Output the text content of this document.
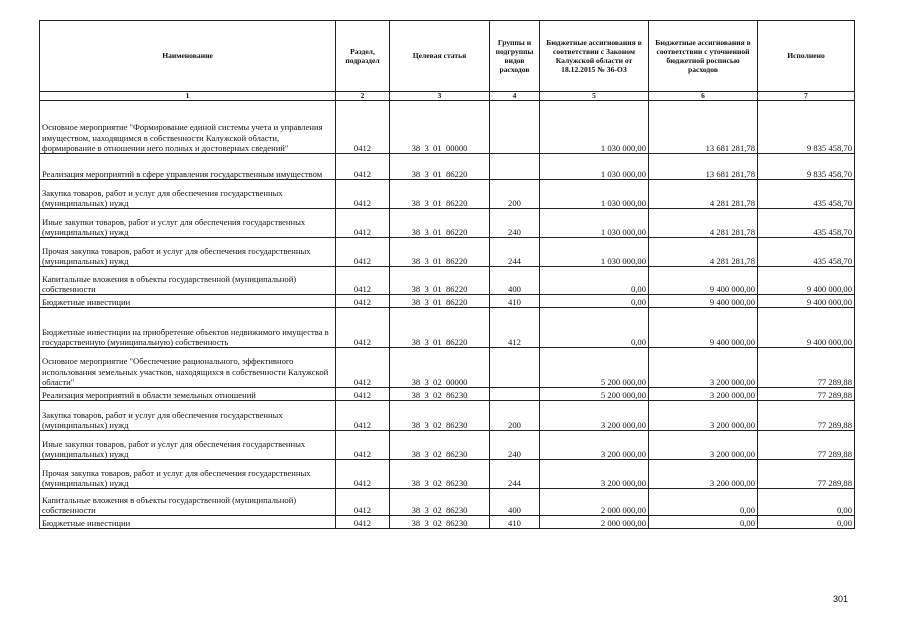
Наименование	Раздел, подраздел	Целевая статья	Группы и подгруппы видов расходов	Бюджетные ассигнования в соответствии с Законом Калужской области от 18.12.2015 № 36-ОЗ	Бюджетные ассигнования в соответствии с уточненной бюджетной росписью расходов	Исполнено
1	2	3	4	5	6	7
Основное мероприятие "Формирование единой системы учета и управления имуществом, находящимся в собственности Калужской области, формирование в отношении него полных и достоверных сведений"	0412	38  3  01  00000		1 030 000,00	13 681 281,78	9 835 458,70
Реализация мероприятий в сфере управления государственным имуществом	0412	38  3  01  86220		1 030 000,00	13 681 281,78	9 835 458,70
Закупка товаров, работ и услуг для обеспечения государственных (муниципальных) нужд	0412	38  3  01  86220	200	1 030 000,00	4 281 281,78	435 458,70
Иные закупки товаров, работ и услуг для обеспечения государственных (муниципальных) нужд	0412	38  3  01  86220	240	1 030 000,00	4 281 281,78	435 458,70
Прочая закупка товаров, работ и услуг для обеспечения государственных (муниципальных) нужд	0412	38  3  01  86220	244	1 030 000,00	4 281 281,78	435 458,70
Капитальные вложения в объекты государственной (муниципальной) собственности	0412	38  3  01  86220	400	0,00	9 400 000,00	9 400 000,00
Бюджетные инвестиции	0412	38  3  01  86220	410	0,00	9 400 000,00	9 400 000,00
Бюджетные инвестиции на приобретение объектов недвижимого имущества в государственную (муниципальную) собственность	0412	38  3  01  86220	412	0,00	9 400 000,00	9 400 000,00
Основное мероприятие "Обеспечение рационального, эффективного использования земельных участков, находящихся в собственности Калужской области"	0412	38  3  02  00000		5 200 000,00	3 200 000,00	77 289,88
Реализация мероприятий в области земельных отношений	0412	38  3  02  86230		5 200 000,00	3 200 000,00	77 289,88
Закупка товаров, работ и услуг для обеспечения государственных (муниципальных) нужд	0412	38  3  02  86230	200	3 200 000,00	3 200 000,00	77 289,88
Иные закупки товаров, работ и услуг для обеспечения государственных (муниципальных) нужд	0412	38  3  02  86230	240	3 200 000,00	3 200 000,00	77 289,88
Прочая закупка товаров, работ и услуг для обеспечения государственных (муниципальных) нужд	0412	38  3  02  86230	244	3 200 000,00	3 200 000,00	77 289,88
Капитальные вложения в объекты государственной (муниципальной) собственности	0412	38  3  02  86230	400	2 000 000,00	0,00	0,00
Бюджетные инвестиции	0412	38  3  02  86230	410	2 000 000,00	0,00	0,00
301
